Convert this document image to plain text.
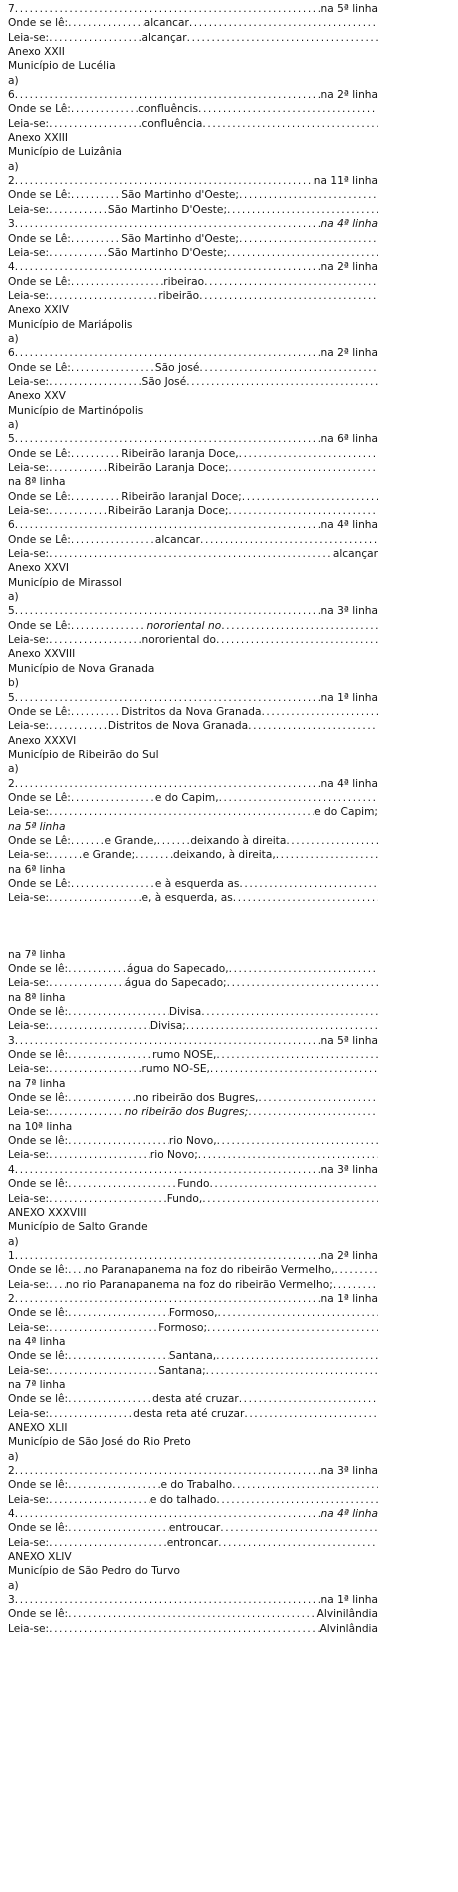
7 .....	na 5ª linha
Onde se lê: .....	alcancar
.....
Leia-se: .....	alcançar
.....
Anexo XXII
Município de Lucélia
a)
6 .....	na 2ª linha
Onde se Lê: .....	confluêncis
.....
Leia-se: .....	confluência
.....
Anexo XXIII
Município de Luizânia
a)
2 .....	na 11ª linha
Onde se Lê: .....	São Martinho d'Oeste;
.....
Leia-se: .....	São Martinho D'Oeste;
.....
3 .....	na 4ª linha
Onde se Lê: .....	São Martinho d'Oeste;
.....
Leia-se: .....	São Martinho D'Oeste;
.....
4 .....	na 2ª linha
Onde se Lê: .....	ribeirao
.....
Leia-se: .....	ribeirão
.....
Anexo XXIV
Município de Mariápolis
a)
6 .....	na 2ª linha
Onde se Lê: .....	São josé
.....
Leia-se: .....	São José
.....
Anexo XXV
Município de Martinópolis
a)
5 .....	na 6ª linha
Onde se Lê: .....	Ribeirão laranja Doce,
.....
Leia-se: .....	Ribeirão Laranja Doce;
.....
na 8ª linha
Onde se Lê: .....	Ribeirão laranjal Doce;
.....
Leia-se: .....	Ribeirão Laranja Doce;
.....
6 .....	na 4ª linha
Onde se Lê: .....	alcancar
.....
Leia-se: .....	alcançar
Anexo XXVI
Município de Mirassol
a)
5 .....	na 3ª linha
Onde se Lê: .....	nororiental no
.....
Leia-se: .....	nororiental do
.....
Anexo XXVIII
Município de Nova Granada
b)
5 .....	na 1ª linha
Onde se Lê: .....	Distritos da Nova Granada
.....
Leia-se: .....	Distritos de Nova Granada
.....
Anexo XXXVI
Município de Ribeirão do Sul
a)
2 .....	na 4ª linha
Onde se Lê: .....	e do Capim,
.....
Leia-se: .....	e do Capim;
na 5ª linha
Onde se Lê: .....	e Grande, .....	deixando à direita
.....
Leia-se: .....	e Grande; .....	deixando, à direita,
.....
na 6ª linha
Onde se Lê: .....	e à esquerda as
.....
Leia-se: .....	e, à esquerda, as
.....
na 7ª linha
Onde se lê: .....	água do Sapecado,
.....
Leia-se: .....	água do Sapecado;
.....
na 8ª linha
Onde se lê: .....	Divisa
.....
Leia-se: .....	Divisa;
.....
3 .....	na 5ª linha
Onde se lê: .....	rumo NOSE,
.....
Leia-se: .....	rumo NO-SE,
.....
na 7ª linha
Onde se lê: .....	no ribeirão dos Bugres,
.....
Leia-se: .....	no ribeirão dos Bugres;
.....
na 10ª linha
Onde se lê: .....	rio Novo,
.....
Leia-se: .....	rio Novo;
.....
4 .....	na 3ª linha
Onde se lê: .....	Fundo
.....
Leia-se: .....	Fundo,
.....
ANEXO XXXVIII
Município de Salto Grande
a)
1 .....	na 2ª linha
Onde se lê: ..... no Paranapanema na foz do ribeirão Vermelho,
.....
Leia-se: ..... no rio Paranapanema na foz do ribeirão Vermelho;
.....
2 .....	na 1ª linha
Onde se lê: .....	Formoso,
.....
Leia-se: .....	Formoso;
.....
na 4ª linha
Onde se lê: .....	Santana,
.....
Leia-se: .....	Santana;
.....
na 7ª linha
Onde se lê: .....	desta até cruzar
.....
Leia-se: .....	desta reta até cruzar
.....
ANEXO XLII
Município de São José do Rio Preto
a)
2 .....	na 3ª linha
Onde se lê: .....	e do Trabalho
.....
Leia-se: .....	e do talhado
.....
4 .....	na 4ª linha
Onde se lê: .....	entroucar
.....
Leia-se: .....	entroncar
.....
ANEXO XLIV
Município de São Pedro do Turvo
a)
3 .....	na 1ª linha
Onde se lê: .....	Alvinilândia
Leia-se: .....	Alvinlândia
